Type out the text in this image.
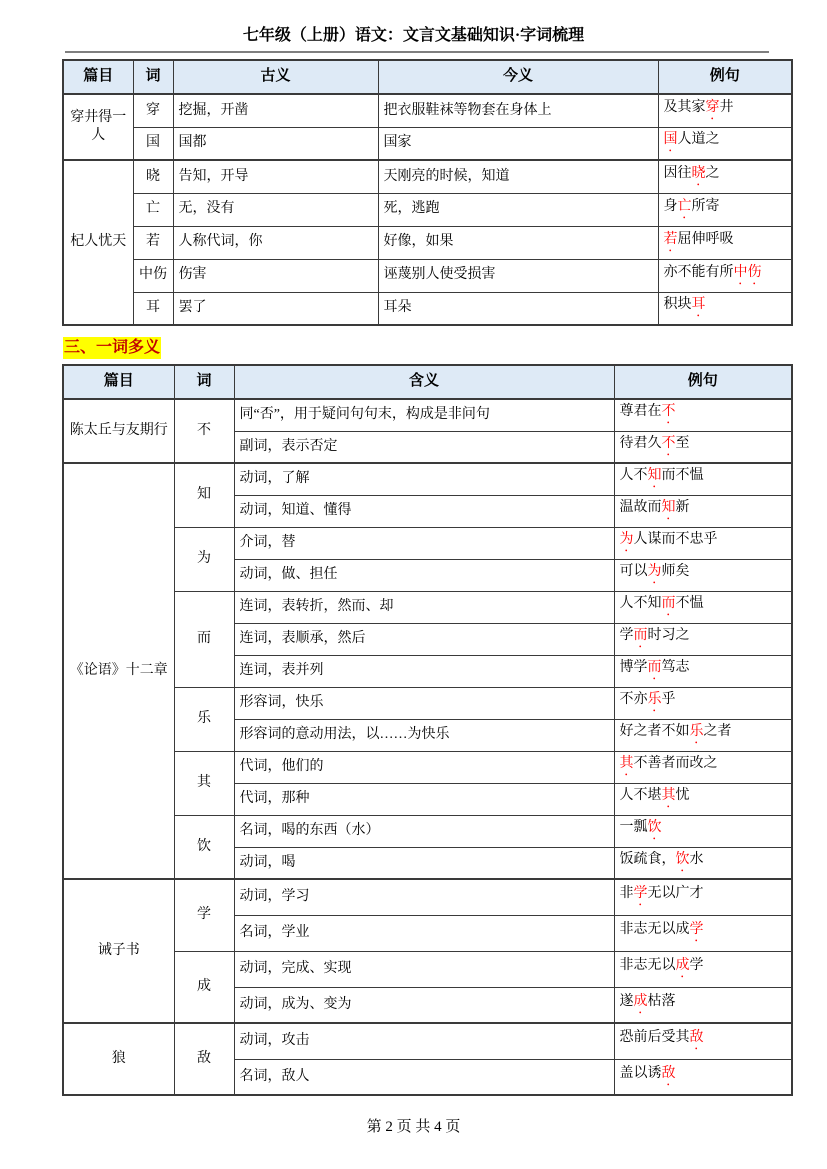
七年级（上册）语文：文言文基础知识·字词梳理
篇目	词	古义	今义	例句
穿井得一人	穿	挖掘，开凿	把衣服鞋袜等物套在身体上	及其家穿井
	国	国都	国家	国人道之
杞人忧天	晓	告知，开导	天刚亮的时候，知道	因往晓之
	亡	无，没有	死，逃跑	身亡所寄
	若	人称代词，你	好像，如果	若屈伸呼吸
	中伤	伤害	诬蔑别人使受损害	亦不能有所中伤
	耳	罢了	耳朵	积块耳
三、一词多义
篇目	词	含义	例句
陈太丘与友期行	不	同“否”，用于疑问句句末，构成是非问句	尊君在不
		副词，表示否定	待君久不至
《论语》十二章	知	动词，了解	人不知而不愠
		动词，知道、懂得	温故而知新
	为	介词，替	为人谋而不忠乎
		动词，做、担任	可以为师矣
	而	连词，表转折，然而、却	人不知而不愠
		连词，表顺承，然后	学而时习之
		连词，表并列	博学而笃志
	乐	形容词，快乐	不亦乐乎
		形容词的意动用法，以……为快乐	好之者不如乐之者
	其	代词，他们的	其不善者而改之
		代词，那种	人不堪其忧
	饮	名词，喝的东西（水）	一瓢饮
		动词，喝	饭疏食，饮水
诫子书	学	动词，学习	非学无以广才
		名词，学业	非志无以成学
	成	动词，完成、实现	非志无以成学
		动词，成为、变为	遂成枯落
狼	敌	动词，攻击	恐前后受其敌
		名词，敌人	盖以诱敌
第 2 页 共 4 页
